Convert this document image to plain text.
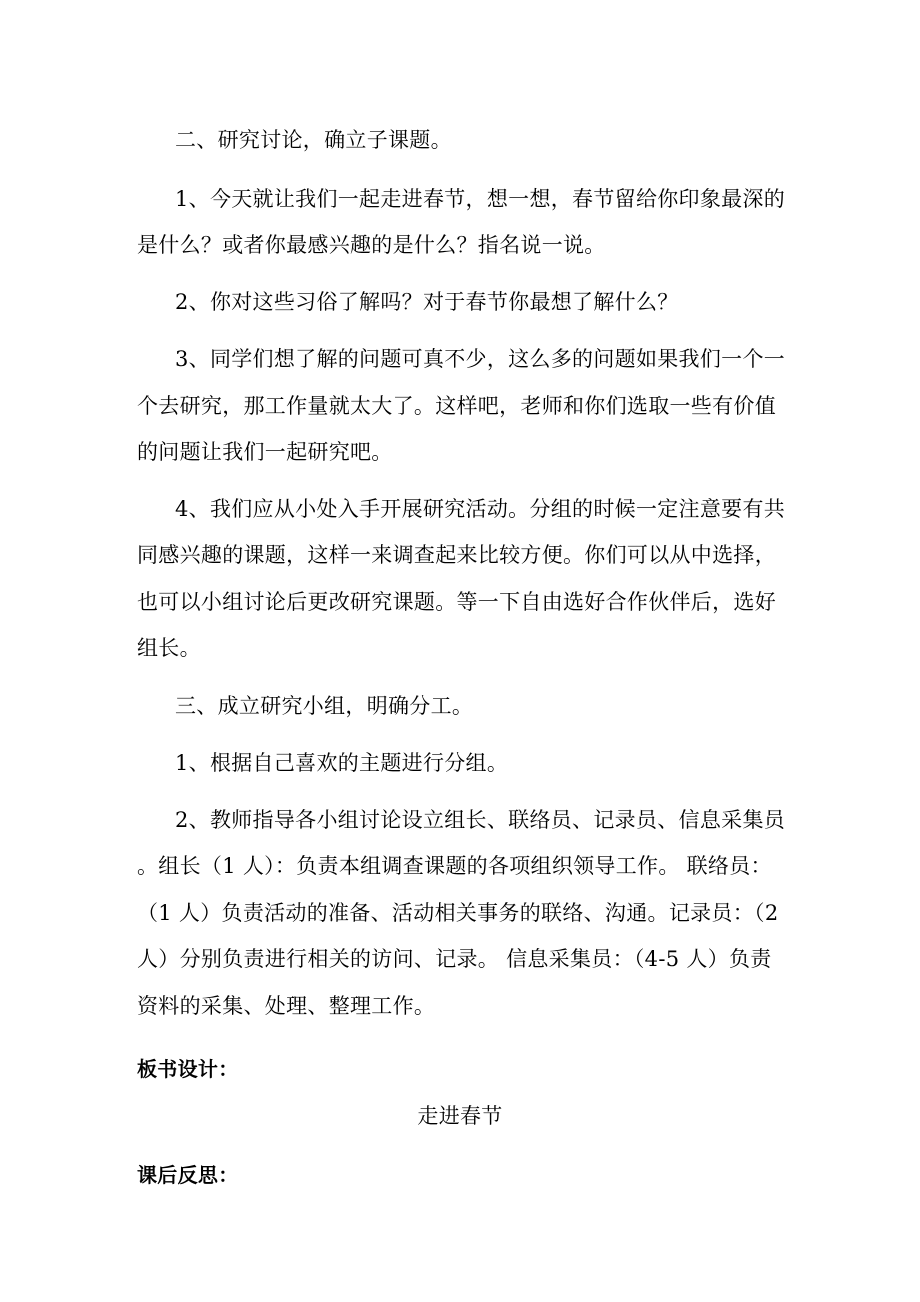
二、研究讨论，确立子课题。
1、今天就让我们一起走进春节，想一想，春节留给你印象最深的
是什么？或者你最感兴趣的是什么？指名说一说。
2、你对这些习俗了解吗？对于春节你最想了解什么？
3、同学们想了解的问题可真不少，这么多的问题如果我们一个一
个去研究，那工作量就太大了。这样吧，老师和你们选取一些有价值
的问题让我们一起研究吧。
4、我们应从小处入手开展研究活动。分组的时候一定注意要有共
同感兴趣的课题，这样一来调查起来比较方便。你们可以从中选择，
也可以小组讨论后更改研究课题。等一下自由选好合作伙伴后，选好
组长。
三、成立研究小组，明确分工。
1、根据自己喜欢的主题进行分组。
2、教师指导各小组讨论设立组长、联络员、记录员、信息采集员
。组长（1 人）：负责本组调查课题的各项组织领导工作。 联络员：
（1 人）负责活动的准备、活动相关事务的联络、沟通。记录员：（2
人）分别负责进行相关的访问、记录。 信息采集员：（4-5 人）负责
资料的采集、处理、整理工作。
板书设计：
走进春节
课后反思：
